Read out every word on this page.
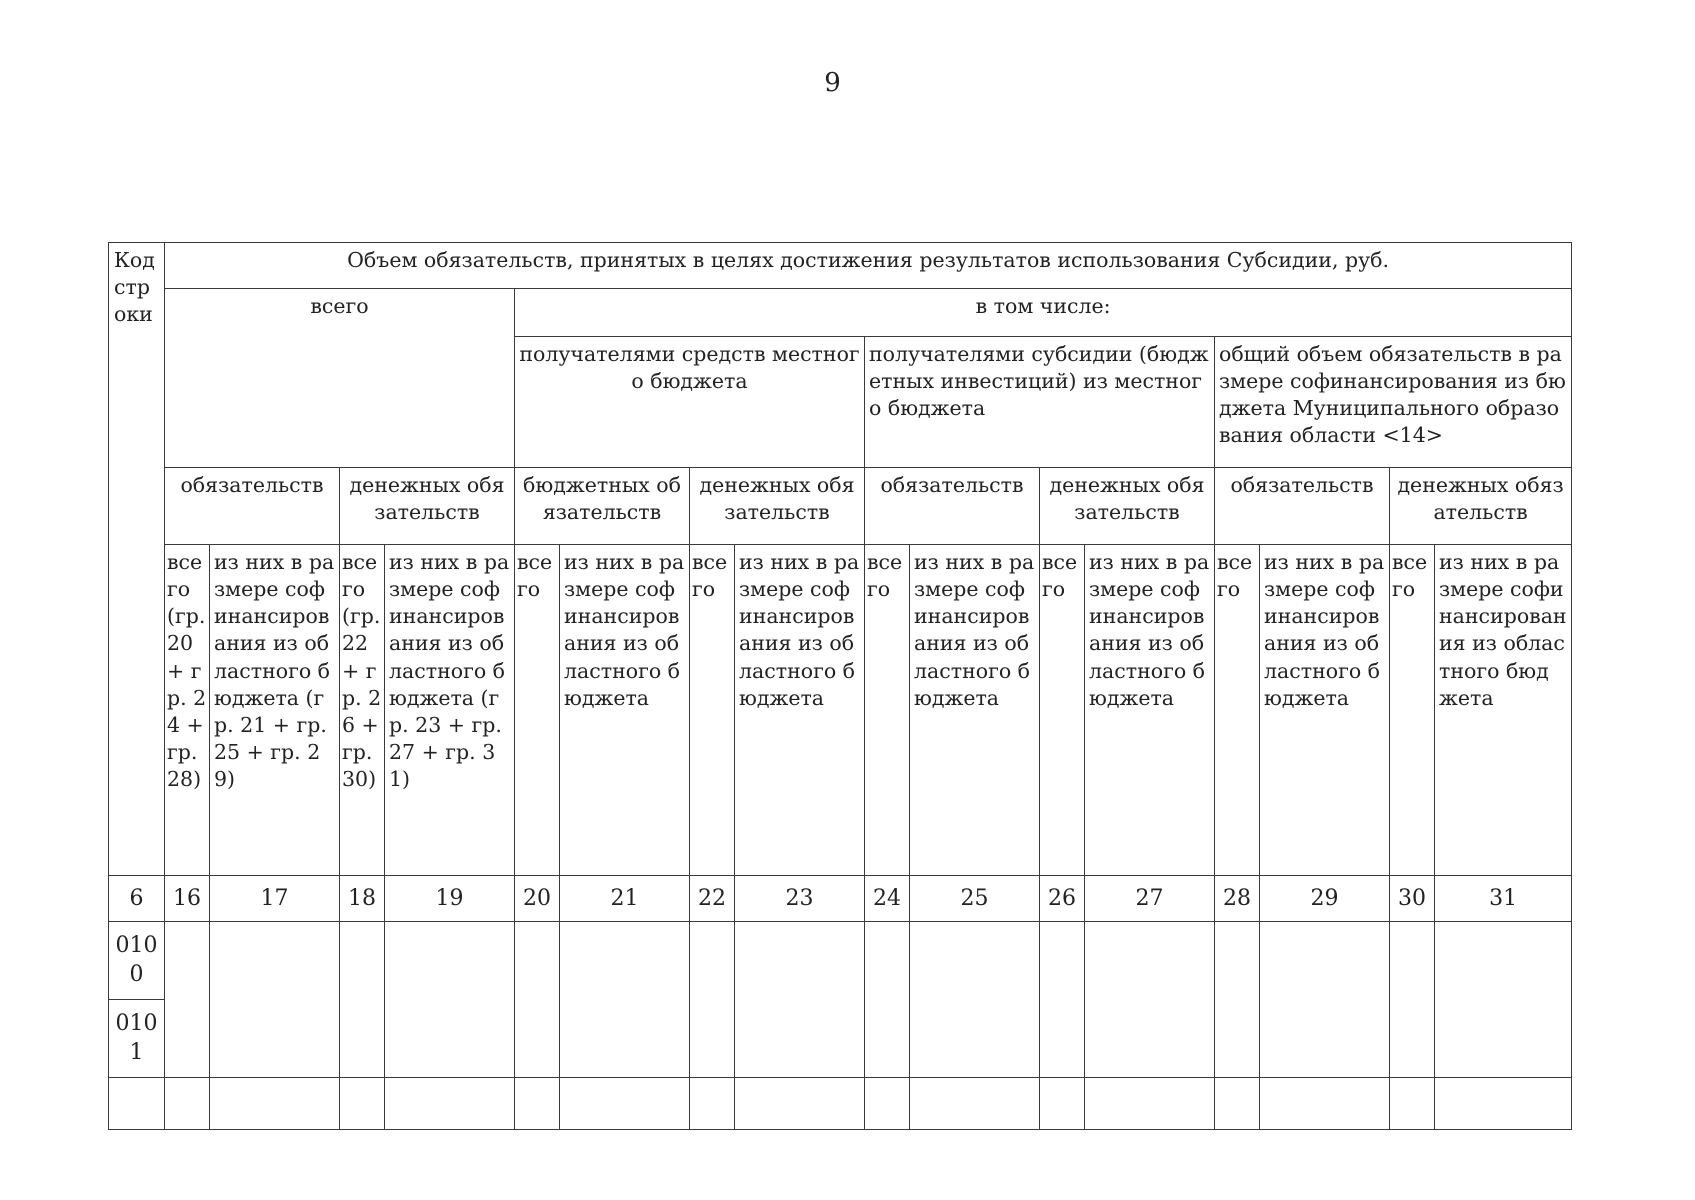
9
Код строки	Объем обязательств, принятых в целях достижения результатов использования Субсидии, руб.															
	всего				в том числе:											
					получателями средств местного бюджета				получателями субсидии (бюджетных инвестиций) из местного бюджета				общий объем обязательств в размере софинансирования из бюджета Муниципального образования области <14>			
	обязательств		денежных обязательств		бюджетных обязательств		денежных обязательств		обязательств		денежных обязательств		обязательств		денежных обязательств	
	всего (гр. 20 + гр. 24 + гр. 28)	из них в размере софинансирования из областного бюджета (гр. 21 + гр. 25 + гр. 29)	всего (гр. 22 + гр. 26 + гр. 30)	из них в размере софинансирования из областного бюджета (гр. 23 + гр. 27 + гр. 31)	всего	из них в размере софинансирования из областного бюджета	всего	из них в размере софинансирования из областного бюджета	всего	из них в размере софинансирования из областного бюджета	всего	из них в размере софинансирования из областного бюджета	всего	из них в размере софинансирования из областного бюджета	всего	из них в размере софинансирования из областного бюджета
6	16	17	18	19	20	21	22	23	24	25	26	27	28	29	30	31
0100																
0101																
